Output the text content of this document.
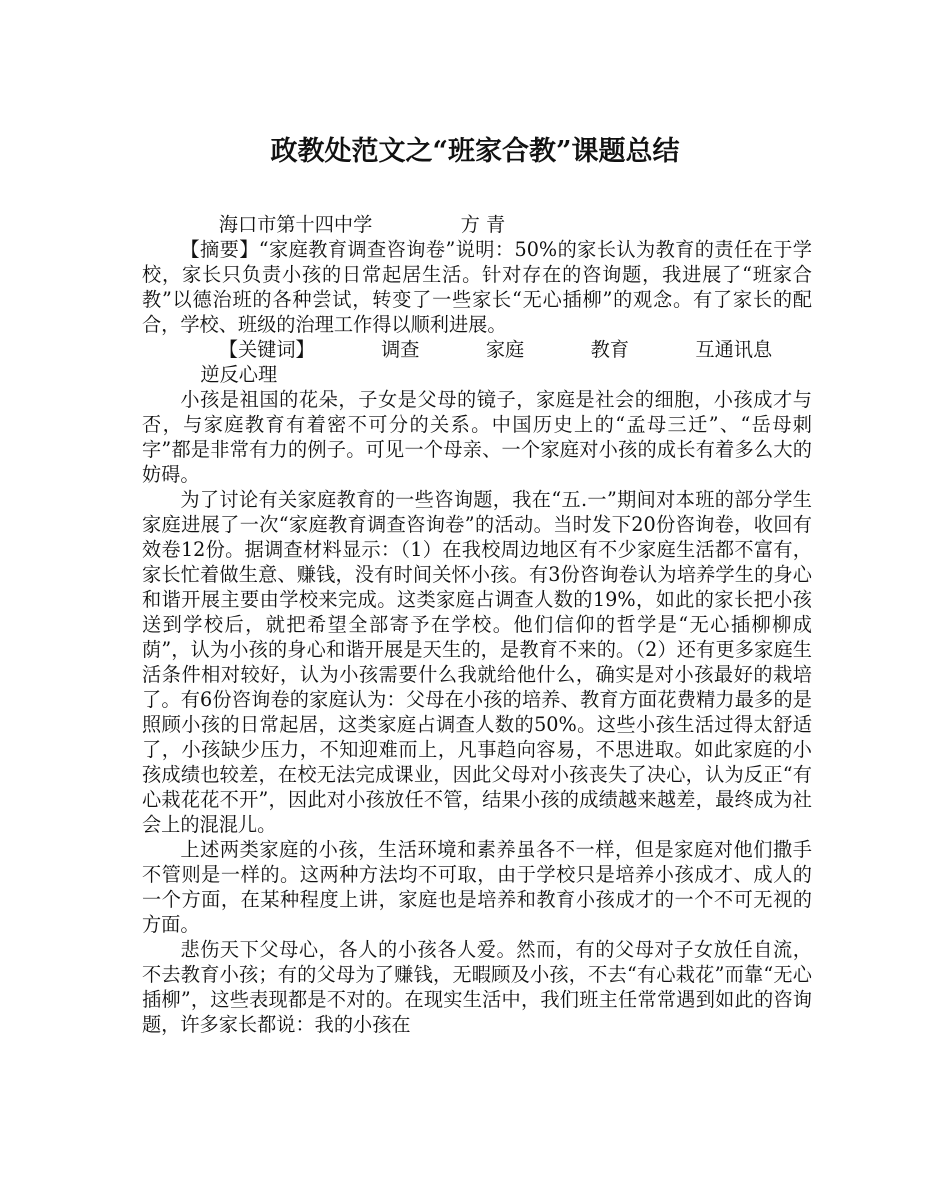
政教处范文之“班家合教”课题总结

海口市第十四中学	方 青

【摘要】“家庭教育调查咨询卷”说明：50%的家长认为教育的责任在于学校，家长只负责小孩的日常起居生活。针对存在的咨询题，我进展了“班家合教”以德治班的各种尝试，转变了一些家长“无心插柳”的观念。有了家长的配合，学校、班级的治理工作得以顺利进展。

【关键词】	调查	家庭	教育	互通讯息逆反心理

小孩是祖国的花朵，子女是父母的镜子，家庭是社会的细胞，小孩成才与否，与家庭教育有着密不可分的关系。中国历史上的“孟母三迁”、“岳母刺字”都是非常有力的例子。可见一个母亲、一个家庭对小孩的成长有着多么大的妨碍。

为了讨论有关家庭教育的一些咨询题，我在“五.一”期间对本班的部分学生家庭进展了一次“家庭教育调查咨询卷”的活动。当时发下20份咨询卷，收回有效卷12份。据调查材料显示：（1）在我校周边地区有不少家庭生活都不富有，家长忙着做生意、赚钱，没有时间关怀小孩。有3份咨询卷认为培养学生的身心和谐开展主要由学校来完成。这类家庭占调查人数的19%，如此的家长把小孩送到学校后，就把希望全部寄予在学校。他们信仰的哲学是“无心插柳柳成荫”，认为小孩的身心和谐开展是天生的，是教育不来的。（2）还有更多家庭生活条件相对较好，认为小孩需要什么我就给他什么，确实是对小孩最好的栽培了。有6份咨询卷的家庭认为：父母在小孩的培养、教育方面花费精力最多的是照顾小孩的日常起居，这类家庭占调查人数的50%。这些小孩生活过得太舒适了，小孩缺少压力，不知迎难而上，凡事趋向容易，不思进取。如此家庭的小孩成绩也较差，在校无法完成课业，因此父母对小孩丧失了决心，认为反正“有心栽花花不开”，因此对小孩放任不管，结果小孩的成绩越来越差，最终成为社会上的混混儿。

上述两类家庭的小孩，生活环境和素养虽各不一样，但是家庭对他们撒手不管则是一样的。这两种方法均不可取，由于学校只是培养小孩成才、成人的一个方面，在某种程度上讲，家庭也是培养和教育小孩成才的一个不可无视的方面。

悲伤天下父母心，各人的小孩各人爱。然而，有的父母对子女放任自流，不去教育小孩；有的父母为了赚钱，无暇顾及小孩，不去“有心栽花”而靠“无心插柳”，这些表现都是不对的。在现实生活中，我们班主任常常遇到如此的咨询题，许多家长都说：我的小孩在
